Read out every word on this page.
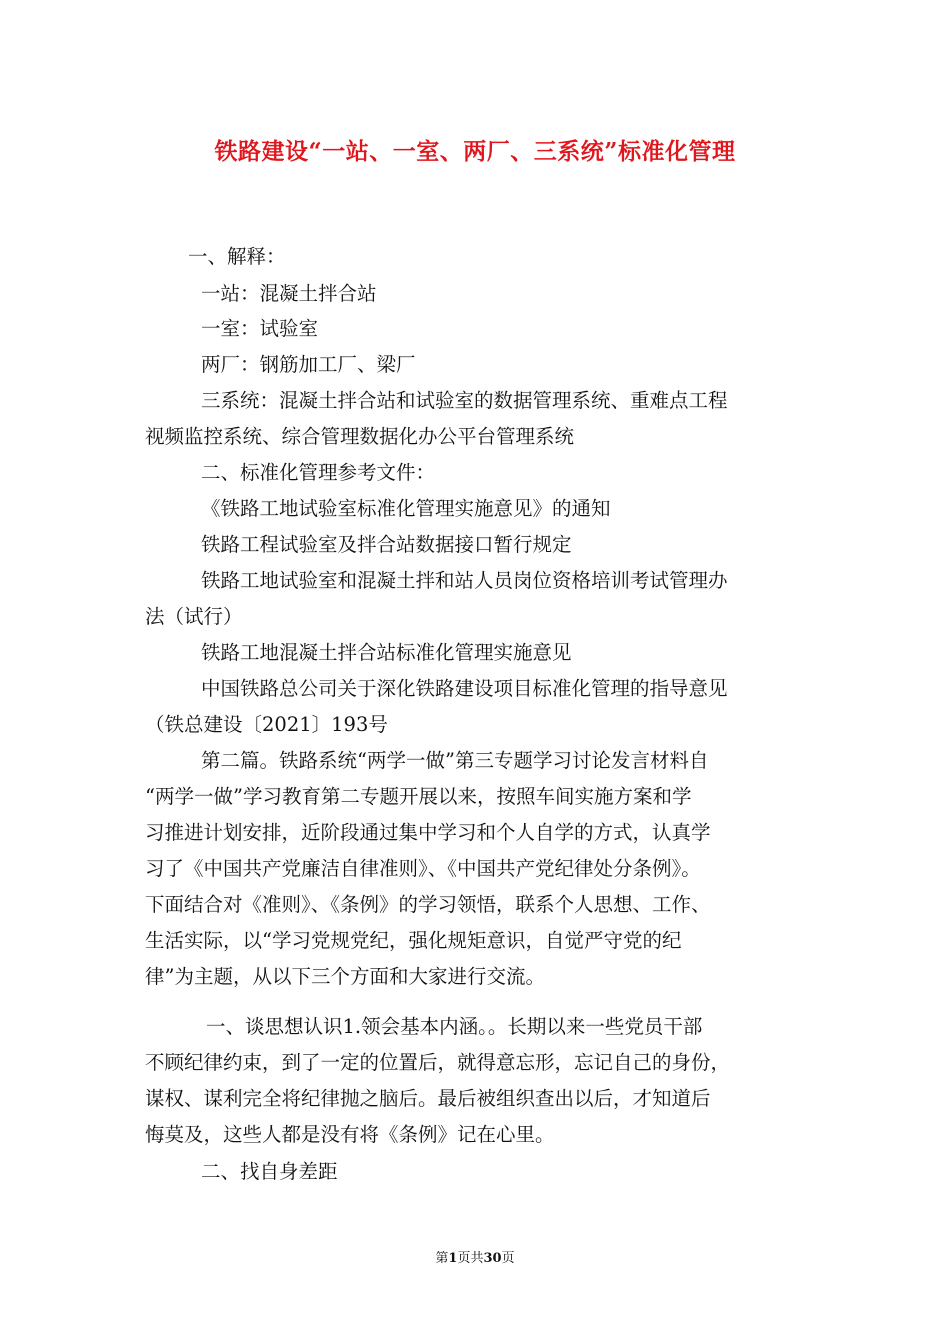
铁路建设“一站、一室、两厂、三系统”标准化管理

一、解释：

一站：混凝土拌合站

一室：试验室

两厂：钢筋加工厂、梁厂

三系统：混凝土拌合站和试验室的数据管理系统、重难点工程

视频监控系统、综合管理数据化办公平台管理系统

二、标准化管理参考文件：

《铁路工地试验室标准化管理实施意见》的通知

铁路工程试验室及拌合站数据接口暂行规定

铁路工地试验室和混凝土拌和站人员岗位资格培训考试管理办

法（试行）

铁路工地混凝土拌合站标准化管理实施意见

中国铁路总公司关于深化铁路建设项目标准化管理的指导意见

（铁总建设〔2021〕193号

第二篇。铁路系统“两学一做”第三专题学习讨论发言材料自

“两学一做”学习教育第二专题开展以来，按照车间实施方案和学

习推进计划安排，近阶段通过集中学习和个人自学的方式，认真学

习了《中国共产党廉洁自律准则》、《中国共产党纪律处分条例》。

下面结合对《准则》、《条例》的学习领悟，联系个人思想、工作、

生活实际，以“学习党规党纪，强化规矩意识，自觉严守党的纪

律”为主题，从以下三个方面和大家进行交流。

一、谈思想认识1.领会基本内涵。。长期以来一些党员干部

不顾纪律约束，到了一定的位置后，就得意忘形，忘记自己的身份，

谋权、谋利完全将纪律抛之脑后。最后被组织查出以后，才知道后

悔莫及，这些人都是没有将《条例》记在心里。

二、找自身差距

第1页共30页
